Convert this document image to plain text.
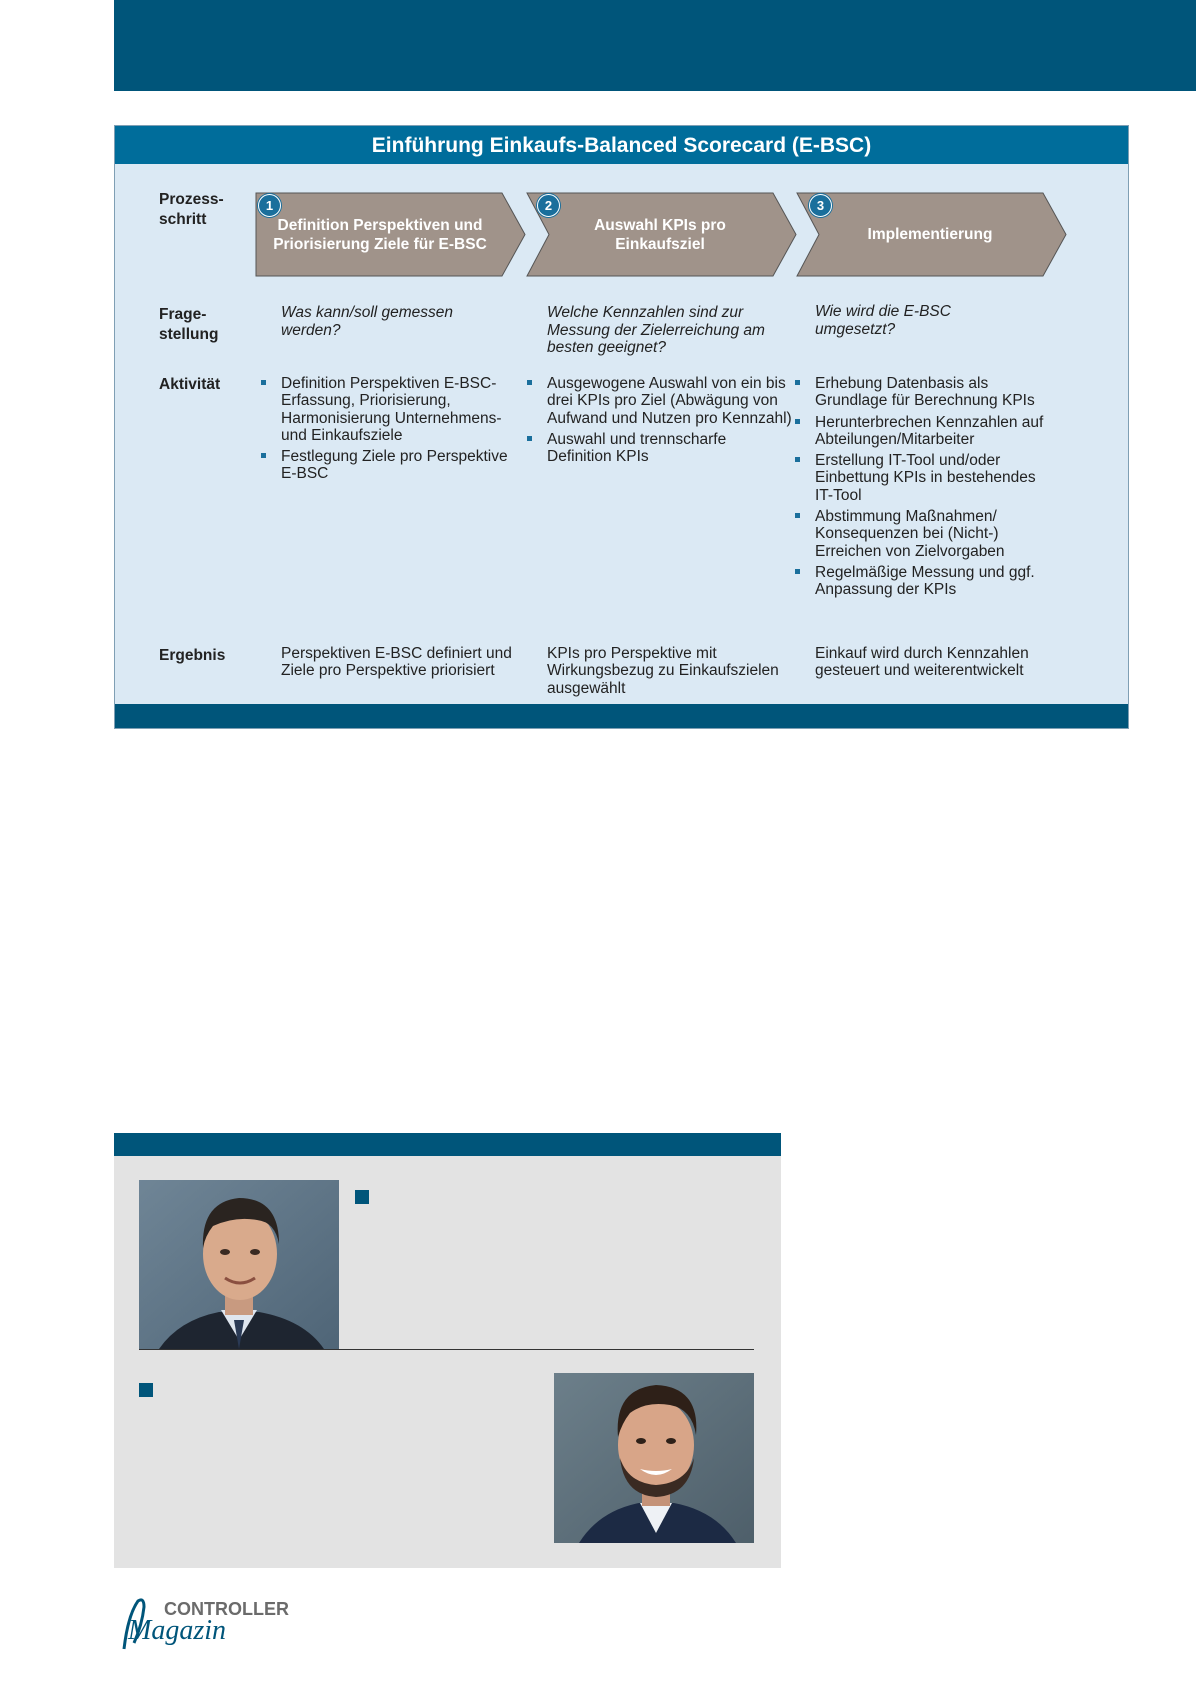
Einführung Einkaufs-Balanced Scorecard (E-BSC)
Prozess-
schritt
Frage-
stellung
Aktivität
Ergebnis
Definition Perspektiven und Priorisierung Ziele für E-BSC
1
Auswahl KPIs pro Einkaufsziel
2
Implementierung
3
Was kann/soll gemessen werden?
Welche Kennzahlen sind zur Messung der Zielerreichung am besten geeignet?
Wie wird die E-BSC umgesetzt?
Definition Perspektiven E-BSC-Erfassung, Priorisierung, Harmonisierung Unternehmens- und Einkaufsziele
Festlegung Ziele pro Perspektive E-BSC
Ausgewogene Auswahl von ein bis drei KPIs pro Ziel (Abwägung von Aufwand und Nutzen pro Kennzahl)
Auswahl und trennscharfe Definition KPIs
Erhebung Datenbasis als Grundlage für Berechnung KPIs
Herunterbrechen Kennzahlen auf Abteilungen/Mitarbeiter
Erstellung IT-Tool und/oder Einbettung KPIs in bestehendes IT-Tool
Abstimmung Maßnahmen/ Konsequenzen bei (Nicht-) Erreichen von Zielvorgaben
Regelmäßige Messung und ggf. Anpassung der KPIs
Perspektiven E-BSC definiert und Ziele pro Perspektive priorisiert
KPIs pro Perspektive mit Wirkungsbezug zu Einkaufszielen ausgewählt
Einkauf wird durch Kennzahlen gesteuert und weiterentwickelt
CONTROLLER
Magazin
